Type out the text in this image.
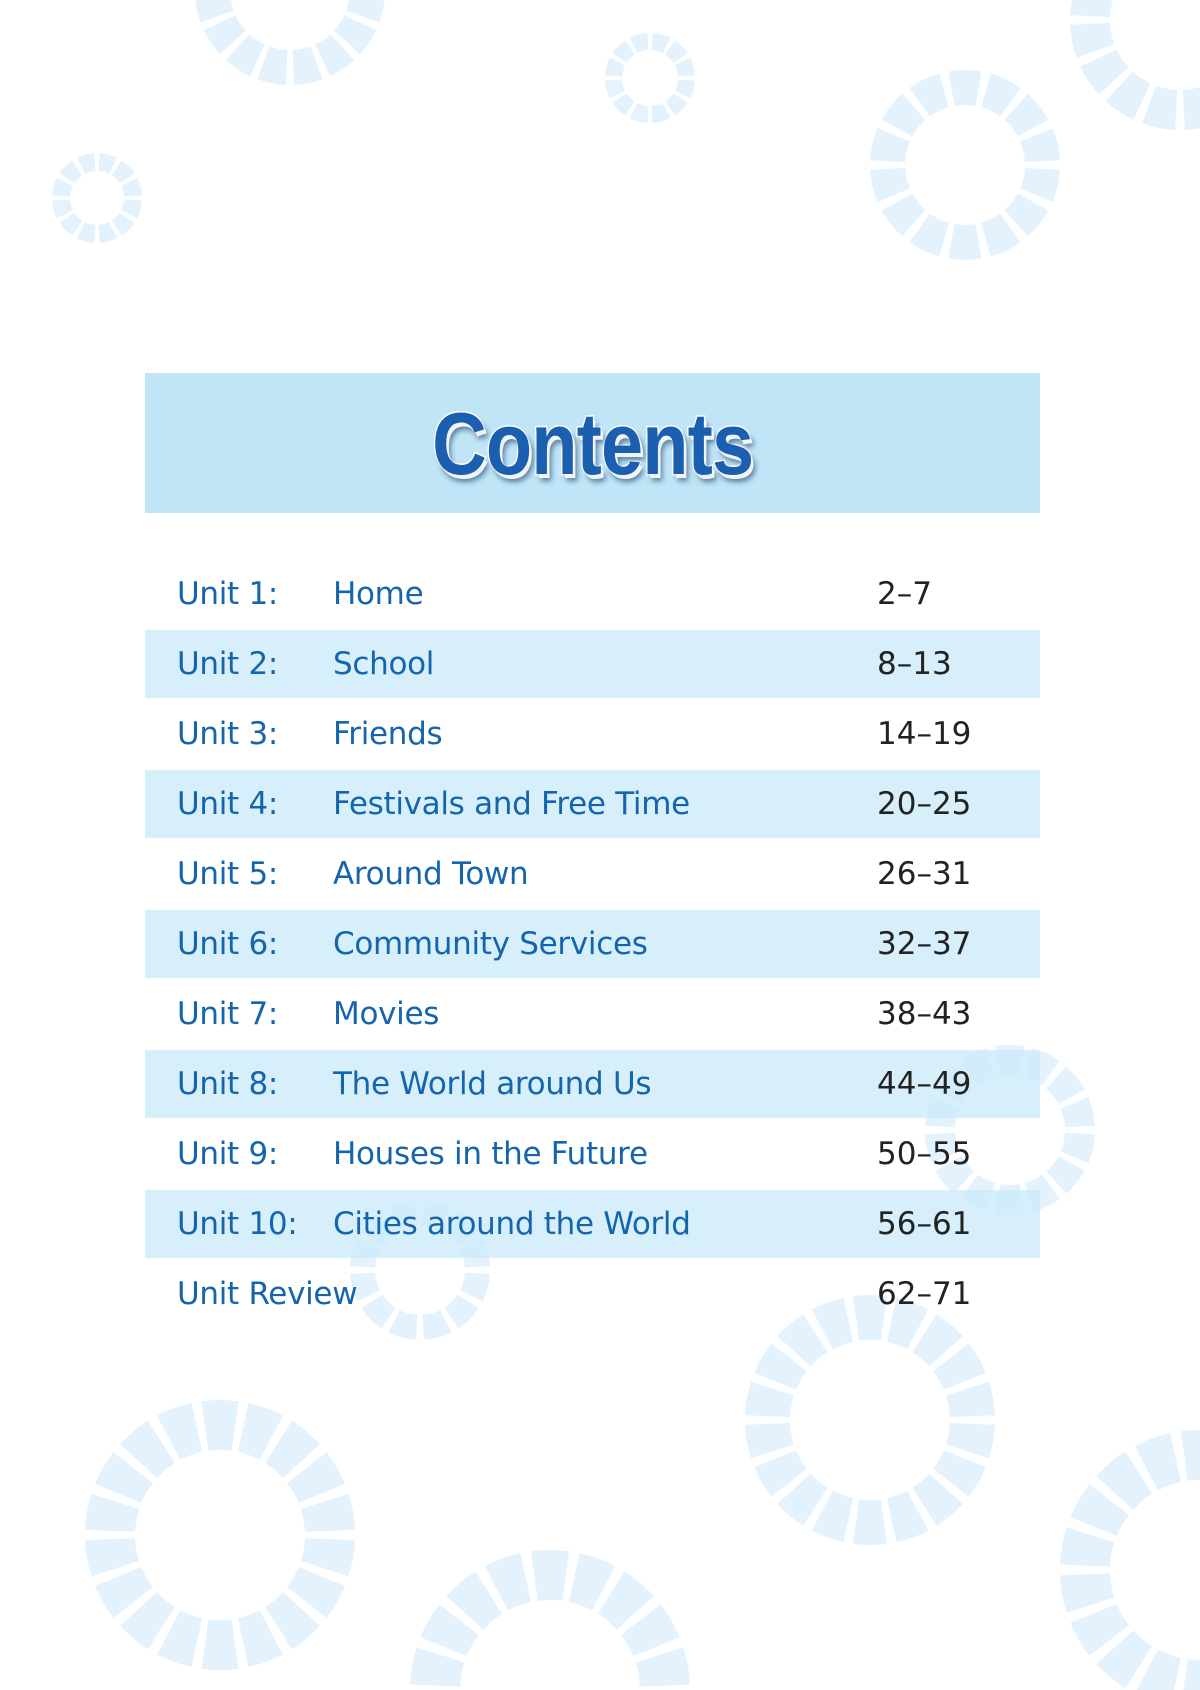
Contents
Unit 1: Home	2–7
Unit 2: School	8–13
Unit 3: Friends	14–19
Unit 4: Festivals and Free Time	20–25
Unit 5: Around Town	26–31
Unit 6: Community Services	32–37
Unit 7: Movies	38–43
Unit 8: The World around Us	44–49
Unit 9: Houses in the Future	50–55
Unit 10: Cities around the World	56–61
Unit Review	62–71
